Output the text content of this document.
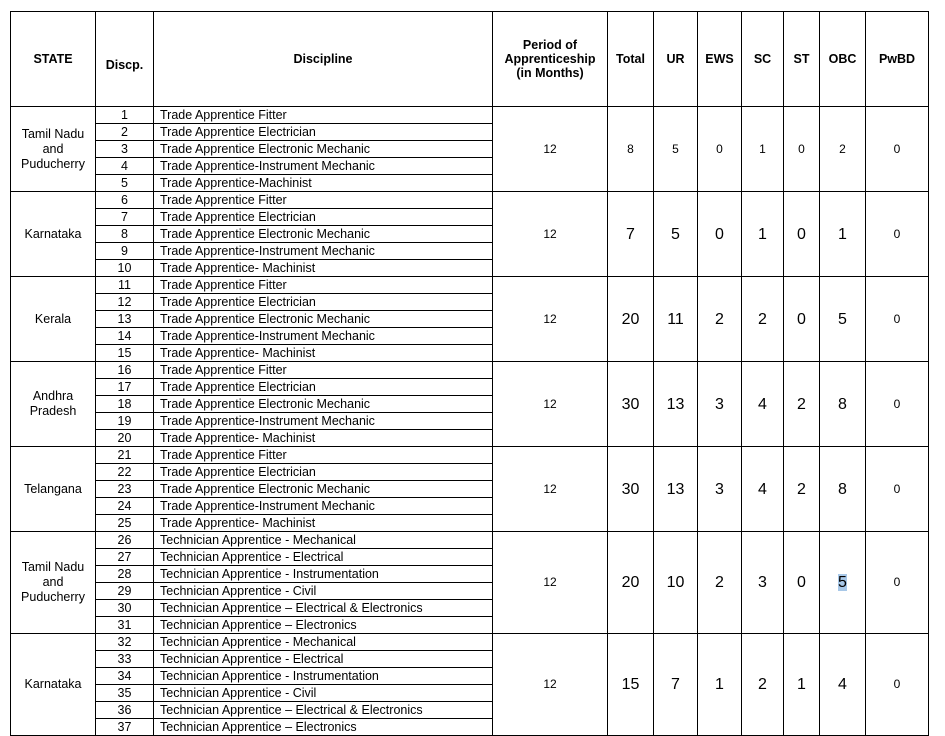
STATE	Discp.	Discipline	Period of Apprenticeship (in Months)	Total	UR	EWS	SC	ST	OBC	PwBD
Tamil Nadu and Puducherry	1	Trade Apprentice Fitter	12	8	5	0	1	0	2	0
	2	Trade Apprentice Electrician								
	3	Trade Apprentice Electronic Mechanic								
	4	Trade Apprentice-Instrument Mechanic								
	5	Trade Apprentice-Machinist								
Karnataka	6	Trade Apprentice Fitter	12	7	5	0	1	0	1	0
	7	Trade Apprentice Electrician								
	8	Trade Apprentice Electronic Mechanic								
	9	Trade Apprentice-Instrument Mechanic								
	10	Trade Apprentice- Machinist								
Kerala	11	Trade Apprentice Fitter	12	20	11	2	2	0	5	0
	12	Trade Apprentice Electrician								
	13	Trade Apprentice Electronic Mechanic								
	14	Trade Apprentice-Instrument Mechanic								
	15	Trade Apprentice- Machinist								
Andhra Pradesh	16	Trade Apprentice Fitter	12	30	13	3	4	2	8	0
	17	Trade Apprentice Electrician								
	18	Trade Apprentice Electronic Mechanic								
	19	Trade Apprentice-Instrument Mechanic								
	20	Trade Apprentice- Machinist								
Telangana	21	Trade Apprentice Fitter	12	30	13	3	4	2	8	0
	22	Trade Apprentice Electrician								
	23	Trade Apprentice Electronic Mechanic								
	24	Trade Apprentice-Instrument Mechanic								
	25	Trade Apprentice- Machinist								
Tamil Nadu and Puducherry	26	Technician Apprentice - Mechanical	12	20	10	2	3	0	5	0
	27	Technician Apprentice - Electrical								
	28	Technician Apprentice - Instrumentation								
	29	Technician Apprentice - Civil								
	30	Technician Apprentice – Electrical & Electronics								
	31	Technician Apprentice – Electronics								
Karnataka	32	Technician Apprentice - Mechanical	12	15	7	1	2	1	4	0
	33	Technician Apprentice - Electrical								
	34	Technician Apprentice - Instrumentation								
	35	Technician Apprentice - Civil								
	36	Technician Apprentice – Electrical & Electronics								
	37	Technician Apprentice – Electronics								
